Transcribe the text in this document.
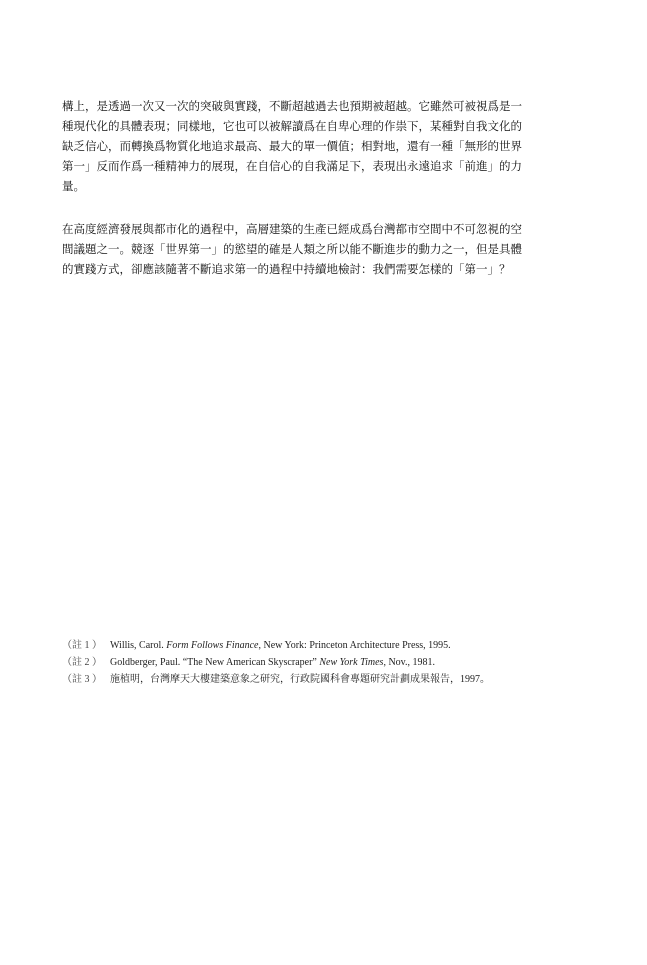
構上，是透過一次又一次的突破與實踐，不斷超越過去也預期被超越。它雖然可被視爲是一
種現代化的具體表現；同樣地，它也可以被解讀爲在自卑心理的作祟下，某種對自我文化的
缺乏信心，而轉換爲物質化地追求最高、最大的單一價值；相對地，還有一種「無形的世界
第一」反而作爲一種精神力的展現，在自信心的自我滿足下，表現出永遠追求「前進」的力
量。

在高度經濟發展與都市化的過程中，高層建築的生產已經成爲台灣都市空間中不可忽視的空
間議題之一。競逐「世界第一」的慾望的確是人類之所以能不斷進步的動力之一，但是具體
的實踐方式，卻應該隨著不斷追求第一的過程中持續地檢討：我們需要怎樣的「第一」？

（註 1 ） Willis, Carol. Form Follows Finance, New York: Princeton Architecture Press, 1995.
（註 2 ） Goldberger, Paul. “The New American Skyscraper” New York Times, Nov., 1981.
（註 3 ） 施植明，台灣摩天大樓建築意象之研究，行政院國科會專題研究計劃成果報告，1997。
